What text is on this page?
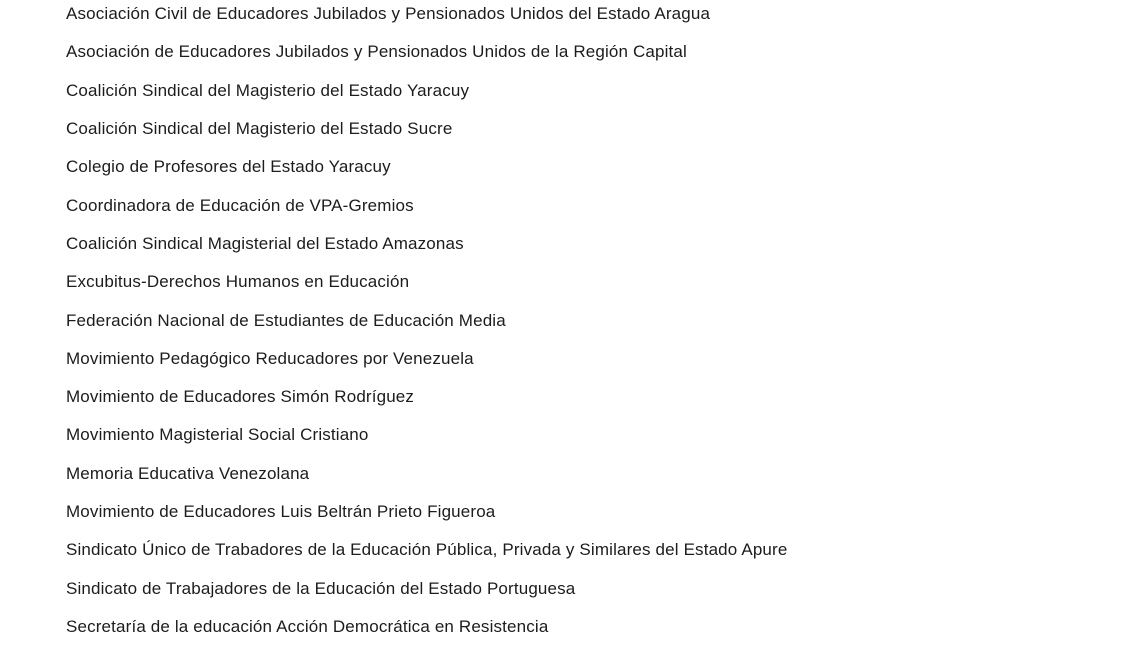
Asociación Civil de Educadores Jubilados y Pensionados Unidos del Estado Aragua
Asociación de Educadores Jubilados y Pensionados Unidos de la Región Capital
Coalición Sindical del Magisterio del Estado Yaracuy
Coalición Sindical del Magisterio del Estado Sucre
Colegio de Profesores del Estado Yaracuy
Coordinadora de Educación de VPA-Gremios
Coalición Sindical Magisterial del Estado Amazonas
Excubitus-Derechos Humanos en Educación
Federación Nacional de Estudiantes de Educación Media
Movimiento Pedagógico Reducadores por Venezuela
Movimiento de Educadores Simón Rodríguez
Movimiento Magisterial Social Cristiano
Memoria Educativa Venezolana
Movimiento de Educadores Luis Beltrán Prieto Figueroa
Sindicato Único de Trabadores de la Educación Pública, Privada y Similares del Estado Apure
Sindicato de Trabajadores de la Educación del Estado Portuguesa
Secretaría de la educación Acción Democrática en Resistencia
